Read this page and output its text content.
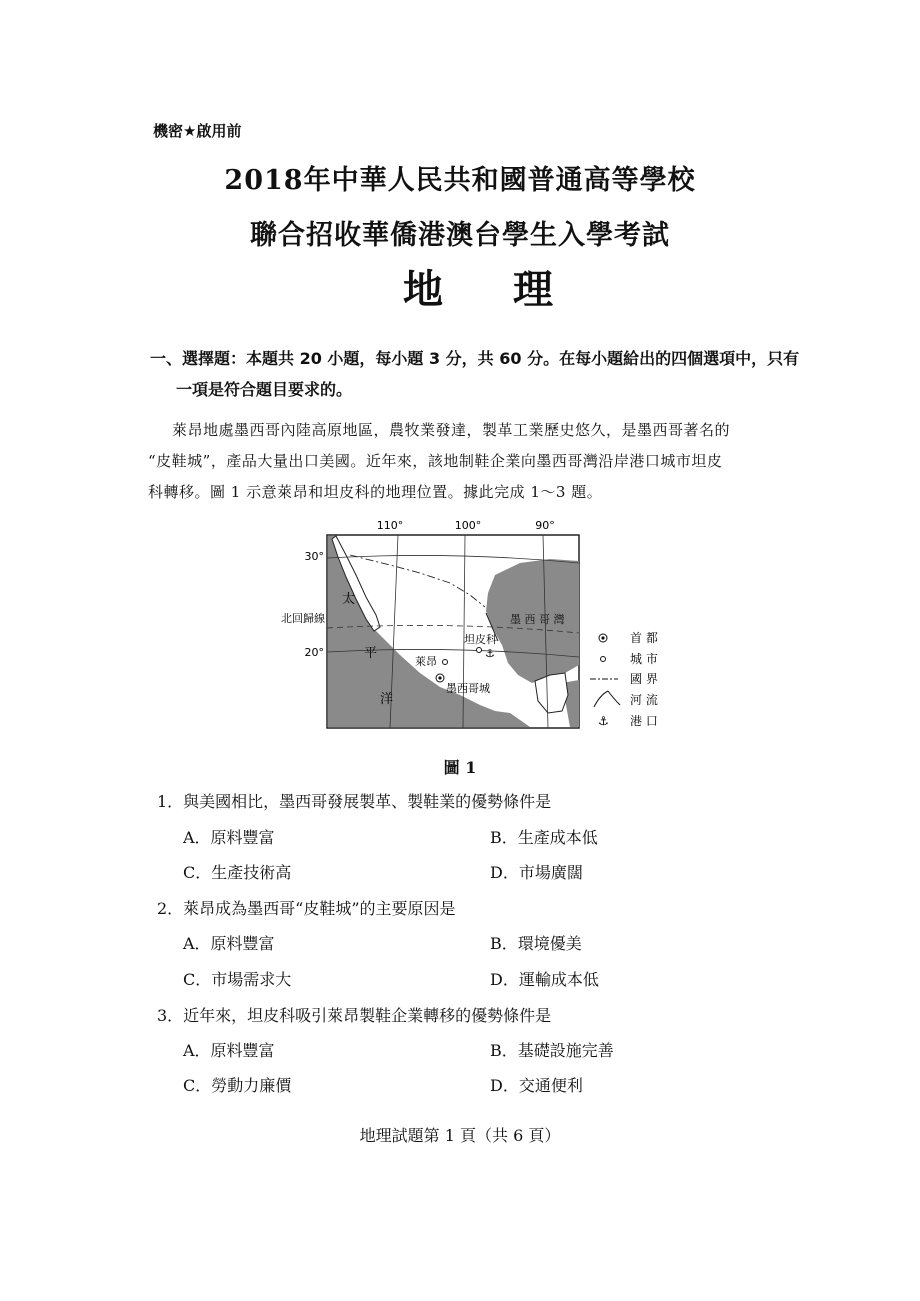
機密★啟用前
2018年中華人民共和國普通高等學校
聯合招收華僑港澳台學生入學考試
地 理
一、選擇題：本題共 20 小題，每小題 3 分，共 60 分。在每小題給出的四個選項中，只有
一項是符合題目要求的。

萊昂地處墨西哥內陸高原地區，農牧業發達，製革工業歷史悠久，是墨西哥著名的

“皮鞋城”，產品大量出口美國。近年來，該地制鞋企業向墨西哥灣沿岸港口城市坦皮

科轉移。圖 1 示意萊昂和坦皮科的地理位置。據此完成 1～3 題。

110°	100°	90°
30°
20°
北回歸線
太
平
洋
墨 西 哥 灣
坦皮科
⚓
萊昂
墨西哥城
首 都
城 市
國 界
河 流
⚓ 港 口
圖 1
1．與美國相比，墨西哥發展製革、製鞋業的優勢條件是
A．原料豐富	B．生產成本低
C．生產技術高	D．市場廣闊
2．萊昂成為墨西哥“皮鞋城”的主要原因是
A．原料豐富	B．環境優美
C．市場需求大	D．運輸成本低
3．近年來，坦皮科吸引萊昂製鞋企業轉移的優勢條件是
A．原料豐富	B．基礎設施完善
C．勞動力廉價	D．交通便利
地理試題第 1 頁（共 6 頁）
